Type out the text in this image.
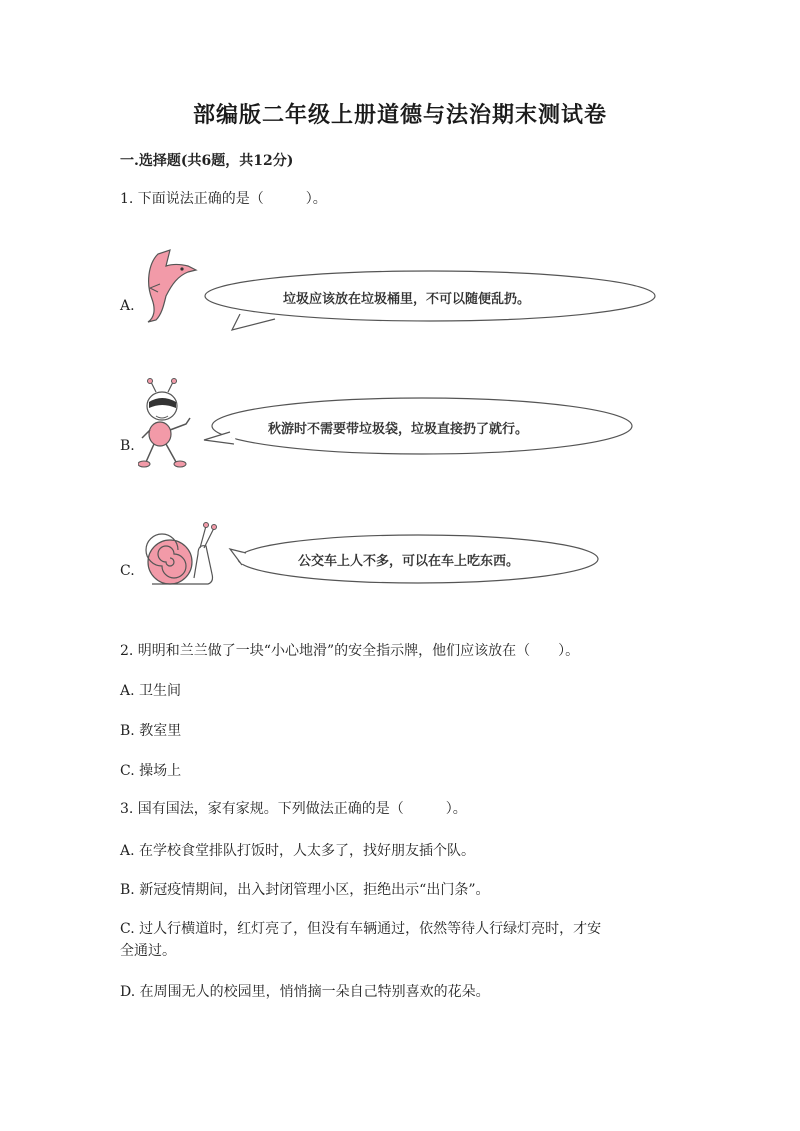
部编版二年级上册道德与法治期末测试卷
一.选择题(共6题，共12分)
1. 下面说法正确的是（　　　）。
A.	垃圾应该放在垃圾桶里，不可以随便乱扔。
B.
秋游时不需要带垃圾袋，垃圾直接扔了就行。
C.
公交车上人不多，可以在车上吃东西。
2. 明明和兰兰做了一块“小心地滑”的安全指示牌，他们应该放在（　　）。
A. 卫生间
B. 教室里
C. 操场上
3. 国有国法，家有家规。下列做法正确的是（　　　）。
A. 在学校食堂排队打饭时，人太多了，找好朋友插个队。
B. 新冠疫情期间，出入封闭管理小区，拒绝出示“出门条”。
C. 过人行横道时，红灯亮了，但没有车辆通过，依然等待人行绿灯亮时，才安
全通过。
D. 在周围无人的校园里，悄悄摘一朵自己特别喜欢的花朵。
